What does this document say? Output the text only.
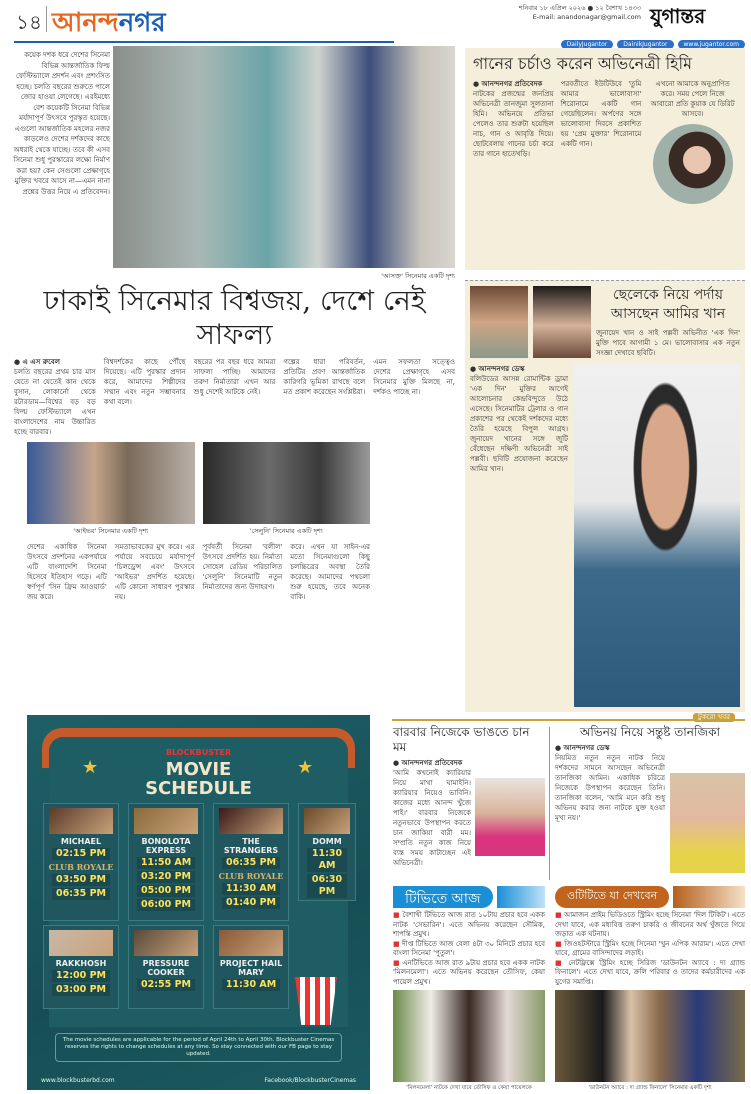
১৪ আনন্দনগর	শনিবার ১৮ এপ্রিল ২০২৬ ● ১২ বৈশাখ ১৪৩৩
E-mail: anandonagar@gmail.com যুগান্তর
DailyJugantor	DainikJugantor	www.jugantor.com
কয়েক দশক ধরে দেশের সিনেমা বিভিন্ন আন্তর্জাতিক ফিল্ম ফেস্টিভ্যালে প্রদর্শন এবং প্রশংসিত হচ্ছে। চলতি বছরের শুরুতে পালে জোর হাওয়া লেগেছে। এরইমধ্যে বেশ কয়েকটি সিনেমা বিভিন্ন মর্যাদাপূর্ণ উৎসবে পুরস্কৃত হয়েছে। এগুলো আন্তর্জাতিক মহলের নজর কাড়লেও দেশের দর্শকদের কাছে অধরাই থেকে যাচ্ছে। তবে কী এসব সিনেমা শুধু পুরস্কারের লক্ষ্যে নির্মাণ করা হয়? কেন সেগুলো প্রেক্ষাগৃহে মুক্তির খবরে আসে না—এমন নানা প্রশ্নের উত্তর নিয়ে এ প্রতিবেদন।
'আসক্ত' সিনেমার একটি দৃশ্য
ঢাকাই সিনেমার বিশ্বজয়, দেশে নেই সাফল্য
● এ এস রুবেল
চলতি বছরের প্রথম চার মাস যেতে না যেতেই কান থেকে বুসান, লোকার্নো থেকে রটারডাম—বিশ্বের বড় বড় ফিল্ম ফেস্টিভ্যালে এখন বাংলাদেশের নাম উচ্চারিত হচ্ছে বারবার।
বিশ্বদর্শকের কাছে পৌঁছে দিয়েছে। এটি পুরস্কার প্রদান করে, আমাদের শিল্পীদের সম্মান এবং নতুন সম্ভাবনার কথা বলে।
বছরের পর বছর ধরে আমরা সাফল্য পাচ্ছি। আমাদের তরুণ নির্মাতারা এখন আর শুধু দেশেই আটকে নেই।
গল্পের ধারা পরিবর্তন, প্রতিটির প্রবণ আন্তর্জাতিক কারিগরি ভূমিকা রাখছে বলে মত প্রকাশ করেছেন সংশ্লিষ্টরা।
এমন সফলতা সত্ত্বেও দেশের প্রেক্ষাগৃহে এসব সিনেমার মুক্তি মিলছে না, দর্শকও পাচ্ছে না।
'আইভর' সিনেমার একটি দৃশ্য	'সেলুনি' সিনেমার একটি দৃশ্য
দেশের একাধিক সিনেমা উৎসবে প্রদর্শনের একপর্যায়ে এটি বাংলাদেশি সিনেমা হিসেবে ইতিহাস গড়ে। এটি স্বর্ণপূর্ণ 'সিন ফ্রিম আওয়ার্ড' জয় করে।
সমতাভাবকের মুখ করে। এর পর্যায়ে সবচেয়ে মর্যাদাপূর্ণ 'চিলড্রেন্স এবং' উৎসবে 'আইভর' প্রদর্শিত হয়েছে। এটি কোনো সাধারণ পুরস্কার নয়।
পূর্ববর্তী সিনেমা 'বলীল' উৎসবে প্রদর্শিত হয়। নির্মাতা সোহেল রেডিয় পরিচালিত 'সেলুনি' সিনেমাটি নতুন নির্মাতাদের জন্য উদাহরণ।
করে। এখন যা সাইন-এর মতো সিনেমাগুলো কিছু চলচ্চিত্রের অবস্থা তৈরি করেছে। আমাদের পথচলা শুরু হয়েছে, তবে অনেক বাকি।
গানের চর্চাও করেন অভিনেত্রী হিমি
● আনন্দনগর প্রতিবেদক
নাটকের প্রজন্মের জনপ্রিয় অভিনেত্রী তানজুমা সুলতানা হিমি। অভিনয়ে প্রতিভা পেলেও তার শুরুটা হয়েছিল নাচ, গান ও আবৃত্তি দিয়ে। ছোটবেলায় গানের চর্চা করে তার গানে হাতেখড়ি।
পরবর্তীতে ইউটিউবে 'তুমি আমার ভালোবাসা' শিরোনামে একটি গান গেয়েছিলেন। অর্পণের সঙ্গে ভালোবাসা দিবসে প্রকাশিত হয় 'প্রেম মুক্তার' শিরোনামে একটি গান।
এখনো আমাকে অনুপ্রাণিত করে। সময় পেলে নিজে আবারো প্রতি কুয়াক যে ডিরিট আসবে।
ছেলেকে নিয়ে পর্দায় আসছেন আমির খান
জুনায়েদ খান ও সাই পল্লবী অভিনীত 'এক দিন' মুক্তি পাবে আগামী ১ মে। ভালোবাসার এক নতুন সংজ্ঞা দেখাবে ছবিটি।
● আনন্দনগর ডেস্ক
বলিউডের আসন্ন রোমান্টিক ড্রামা 'এক দিন' মুক্তির আগেই আলোচনার কেন্দ্রবিন্দুতে উঠে এসেছে। সিনেমাটির ট্রেলার ও গান প্রকাশের পর থেকেই দর্শকদের মধ্যে তৈরি হয়েছে বিপুল আগ্রহ। জুনায়েদ খানের সঙ্গে জুটি বেঁধেছেন দক্ষিণী অভিনেত্রী সাই পল্লবী। ছবিটি প্রযোজনা করেছেন আমির খান।
★	★
BLOCKBUSTER
MOVIE
SCHEDULE
MICHAEL
02:15 PM
CLUB ROYALE
03:50 PM
06:35 PM
BONOLOTA EXPRESS
11:50 AM
03:20 PM
05:00 PM
06:00 PM
THE STRANGERS
06:35 PM
CLUB ROYALE
11:30 AM
01:40 PM
DOMM
11:30 AM
06:30 PM
RAKKHOSH
12:00 PM
03:00 PM
PRESSURE COOKER
02:55 PM
PROJECT HAIL MARY
11:30 AM
The movie schedules are applicable for the period of April 24th to April 30th. Blockbuster Cinemas reserves the rights to change schedules at any time. So stay connected with our FB page to stay updated.
www.blockbusterbd.com	Facebook/BlockbusterCinemas
টুকরো খবর
বারবার নিজেকে ভাঙতে চান মম
● আনন্দনগর প্রতিবেদক
'আমি কখনোই ক্যারিয়ার নিয়ে মাথা ঘামাইনি। ক্যারিয়ার নিয়েও ভাবিনি। কাজের মধ্যে আনন্দ খুঁজে পাই।' বারবার নিজেকে নতুনভাবে উপস্থাপন করতে চান জাকিয়া বারী মম। সম্প্রতি নতুন কাজ নিয়ে ব্যস্ত সময় কাটাচ্ছেন এই অভিনেত্রী।
অভিনয় নিয়ে সন্তুষ্ট তানজিকা
● আনন্দনগর ডেস্ক
নিয়মিত নতুন নতুন নাটক নিয়ে দর্শকদের সামনে আসছেন অভিনেত্রী তানজিকা আমিন। একাধিক চরিত্রে নিজেকে উপস্থাপন করেছেন তিনি। তানজিকা বলেন, 'আমি মনে করি শুধু অভিনয় করার জন্য নাটকে যুক্ত হওয়া মূখ্য নয়।'
টিভিতে আজ
■ বৈশাখী টিভিতে আজ রাত ১০টায় প্রচার হবে একক নাটক 'সেভারিন'। এতে অভিনয় করেছেন সৌমিক, শাপন্তি প্রমুখ।
■ দীপ্ত টিভিতে আজ বেলা ৪টা ৩০ মিনিটে প্রচার হবে বাংলা সিনেমা 'পুতুল'।
■ এনটিভিতে আজ রাত ৯টায় প্রচার হবে একক নাটক 'মিলনমেলা'। এতে অভিনয় করেছেন তৌসিফ, কেয়া পায়েল প্রমুখ।
'মিলনমেলা' নাটকে দেখা যাবে তৌসিফ ও কেয়া পায়েলকে
ওটিটিতে যা দেখবেন
■ আমাজন প্রাইম ভিডিওতে স্ট্রিমিং হচ্ছে সিনেমা 'দিল টিকিট'। এতে দেখা যাবে, এক মধ্যবিত্ত তরুণ চাকরি ও জীবনের অর্থ খুঁজতে গিয়ে জড়াত এক ঘটনায়।
■ জিওহটস্টারে স্ট্রিমিং হচ্ছে সিনেমা 'খুন এপিক আরাম'। এতে দেখা যাবে, গ্রামের বাসিন্দাদের লড়াই।
■ নেটফ্লিক্সে স্ট্রিমিং হচ্ছে সিরিজ 'ডাউনটন অ্যাবে : দ্য গ্র্যান্ড ফিনালে'। এতে দেখা যাবে, ক্রলি পরিবার ও তাদের কর্মচারীদের এক যুগের সমাপ্তি।
'ডাউনটন অ্যাবে : দ্য গ্র্যান্ড ফিনালে' সিনেমার একটি দৃশ্য
